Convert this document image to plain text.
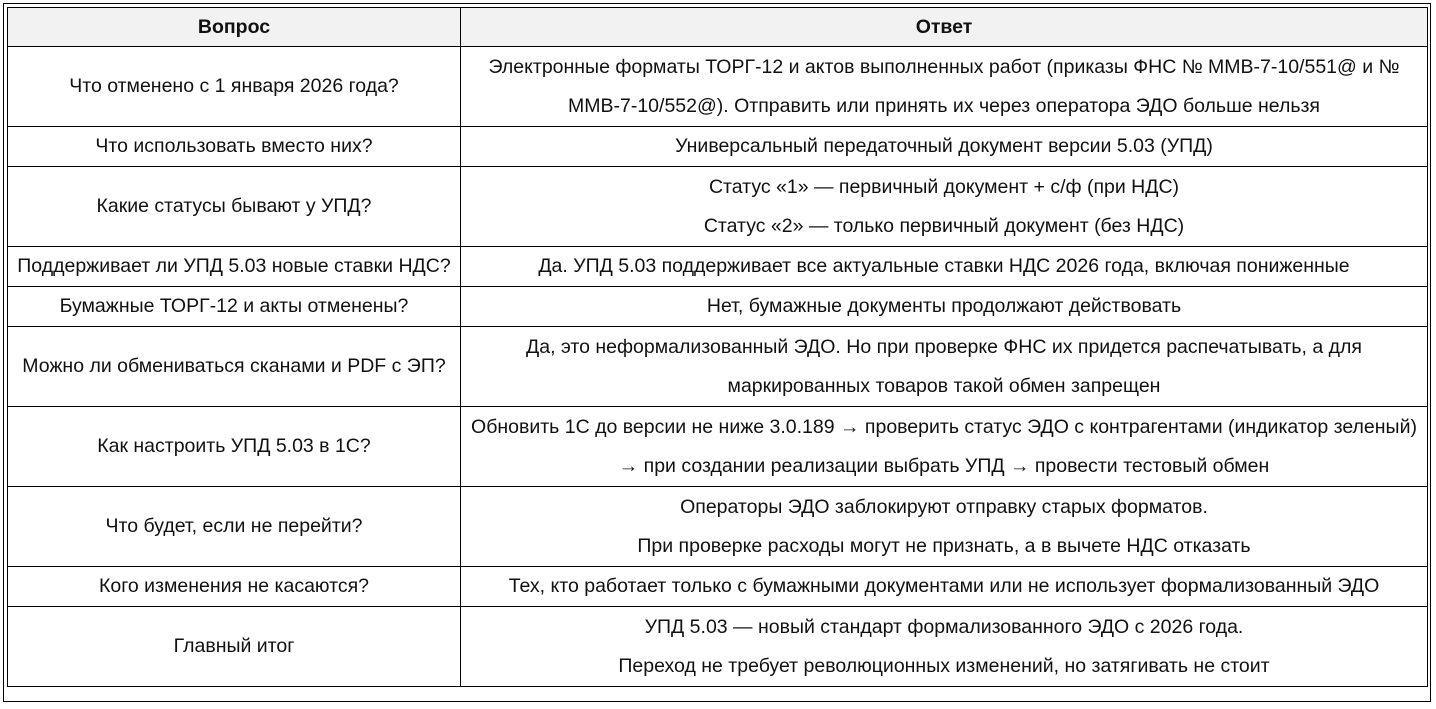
Вопрос	Ответ
Что отменено с 1 января 2026 года?	Электронные форматы ТОРГ-12 и актов выполненных работ (приказы ФНС № ММВ-7-10/551@ и №
ММВ-7-10/552@). Отправить или принять их через оператора ЭДО больше нельзя

Что использовать вместо них?	Универсальный передаточный документ версии 5.03 (УПД)

Какие статусы бывают у УПД?	Статус «1» — первичный документ + с/ф (при НДС)
Статус «2» — только первичный документ (без НДС)

Поддерживает ли УПД 5.03 новые ставки НДС?	Да. УПД 5.03 поддерживает все актуальные ставки НДС 2026 года, включая пониженные

Бумажные ТОРГ-12 и акты отменены?	Нет, бумажные документы продолжают действовать

Можно ли обмениваться сканами и PDF с ЭП?	Да, это неформализованный ЭДО. Но при проверке ФНС их придется распечатывать, а для
маркированных товаров такой обмен запрещен

Как настроить УПД 5.03 в 1С?	Обновить 1С до версии не ниже 3.0.189 → проверить статус ЭДО с контрагентами (индикатор зеленый)
→ при создании реализации выбрать УПД → провести тестовый обмен

Что будет, если не перейти?	Операторы ЭДО заблокируют отправку старых форматов.
При проверке расходы могут не признать, а в вычете НДС отказать

Кого изменения не касаются?	Тех, кто работает только с бумажными документами или не использует формализованный ЭДО

Главный итог	УПД 5.03 — новый стандарт формализованного ЭДО с 2026 года.
Переход не требует революционных изменений, но затягивать не стоит
